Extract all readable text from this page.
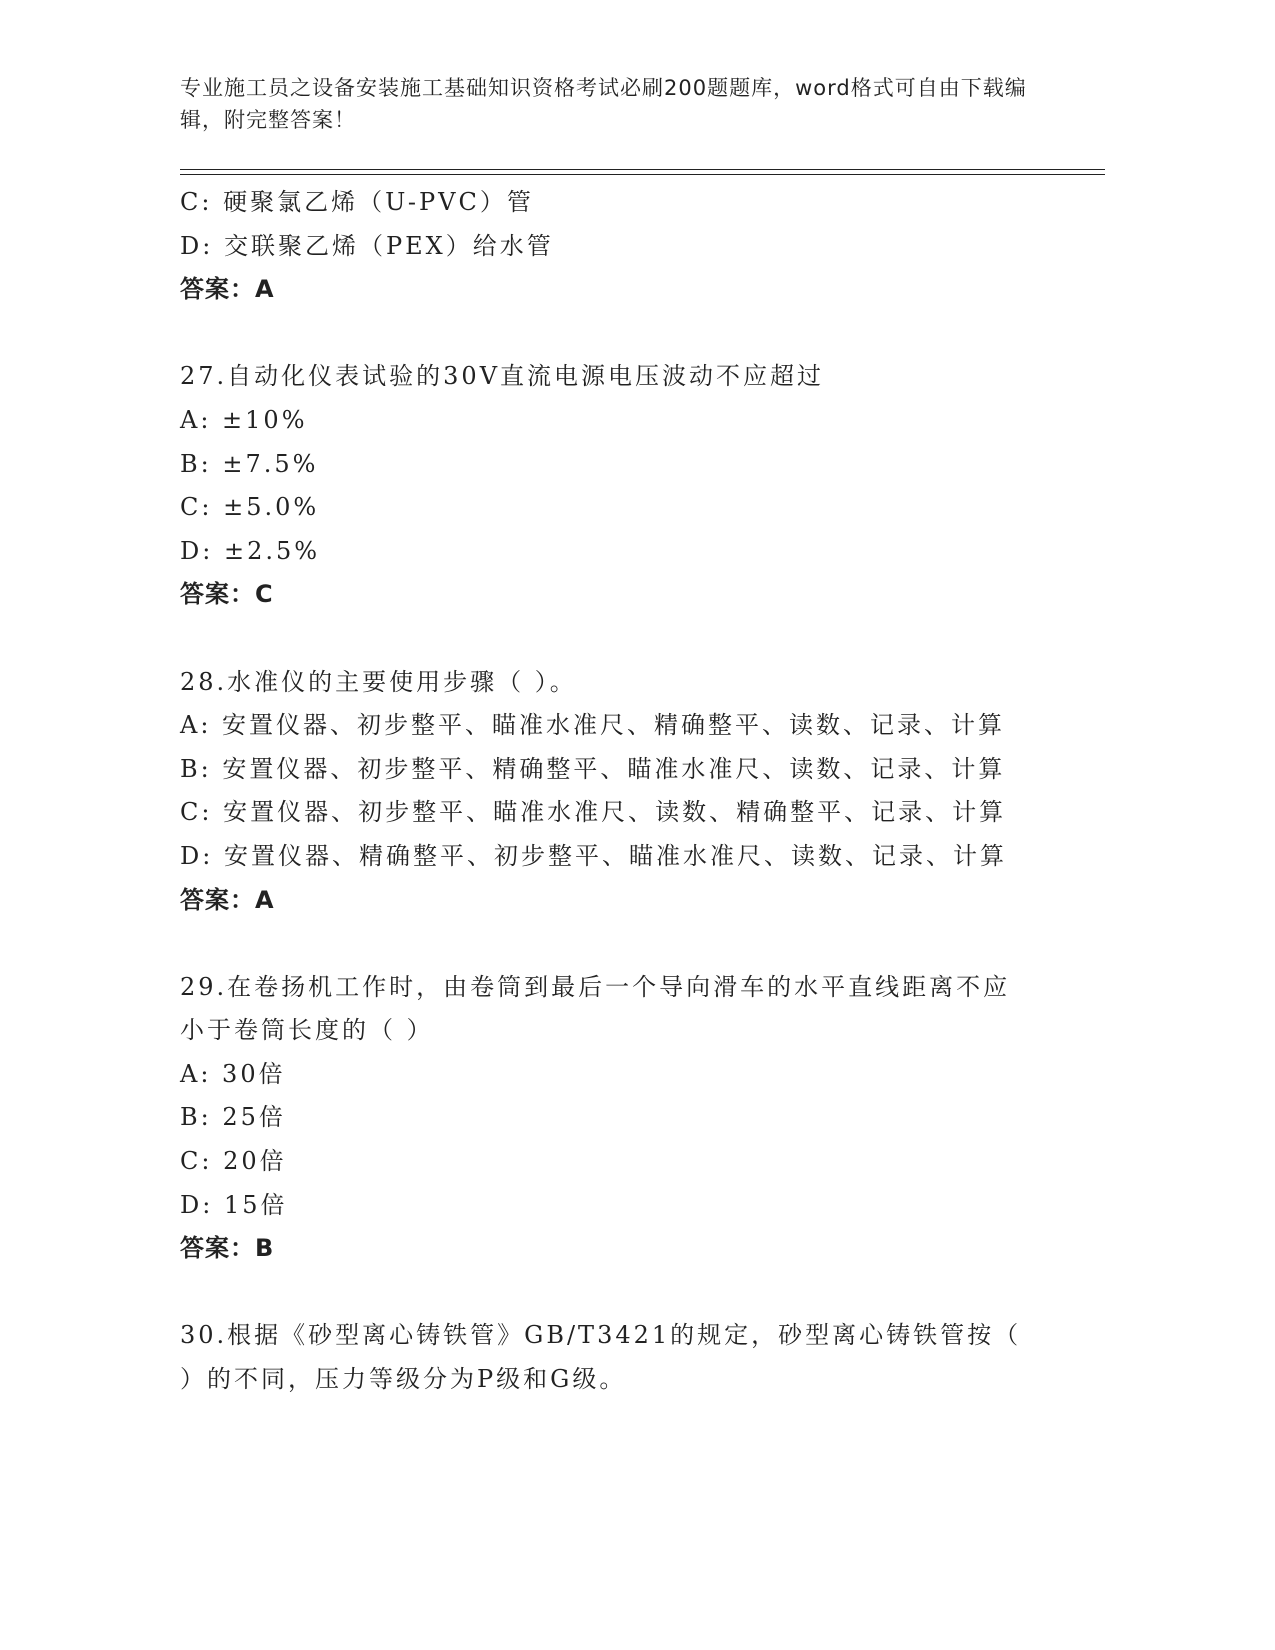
专业施工员之设备安装施工基础知识资格考试必刷200题题库，word格式可自由下载编辑，附完整答案！
C: 硬聚氯乙烯（U-PVC）管
D: 交联聚乙烯（PEX）给水管
答案：A
27.自动化仪表试验的30V直流电源电压波动不应超过
A: ±10%
B: ±7.5%
C: ±5.0%
D: ±2.5%
答案：C
28.水准仪的主要使用步骤（ ）。
A: 安置仪器、初步整平、瞄准水准尺、精确整平、读数、记录、计算
B: 安置仪器、初步整平、精确整平、瞄准水准尺、读数、记录、计算
C: 安置仪器、初步整平、瞄准水准尺、读数、精确整平、记录、计算
D: 安置仪器、精确整平、初步整平、瞄准水准尺、读数、记录、计算
答案：A
29.在卷扬机工作时，由卷筒到最后一个导向滑车的水平直线距离不应
小于卷筒长度的（ ）
A: 30倍
B: 25倍
C: 20倍
D: 15倍
答案：B
30.根据《砂型离心铸铁管》GB/T3421的规定，砂型离心铸铁管按（
）的不同，压力等级分为P级和G级。
